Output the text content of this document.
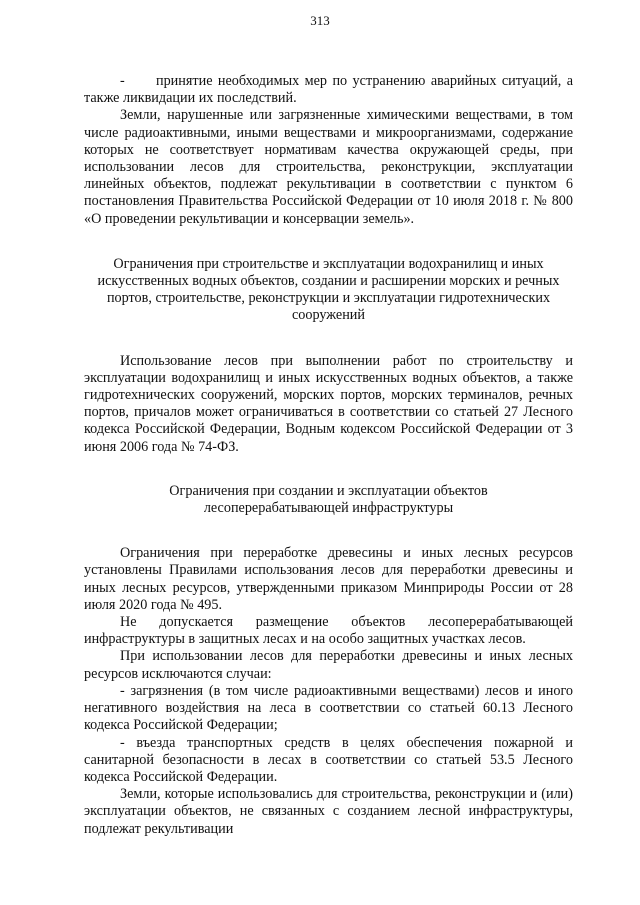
313

- принятие необходимых мер по устранению аварийных ситуаций, а также ликвидации их последствий.

Земли, нарушенные или загрязненные химическими веществами, в том числе радиоактивными, иными веществами и микроорганизмами, содержание которых не соответствует нормативам качества окружающей среды, при использовании лесов для строительства, реконструкции, эксплуатации линейных объектов, подлежат рекультивации в соответствии с пунктом 6 постановления Правительства Российской Федерации от 10 июля 2018 г. № 800 «О проведении рекультивации и консервации земель».

Ограничения при строительстве и эксплуатации водохранилищ и иных искусственных водных объектов, создании и расширении морских и речных портов, строительстве, реконструкции и эксплуатации гидротехнических сооружений

Использование лесов при выполнении работ по строительству и эксплуатации водохранилищ и иных искусственных водных объектов, а также гидротехнических сооружений, морских портов, морских терминалов, речных портов, причалов может ограничиваться в соответствии со статьей 27 Лесного кодекса Российской Федерации, Водным кодексом Российской Федерации от 3 июня 2006 года № 74-ФЗ.

Ограничения при создании и эксплуатации объектов лесоперерабатывающей инфраструктуры

Ограничения при переработке древесины и иных лесных ресурсов установлены Правилами использования лесов для переработки древесины и иных лесных ресурсов, утвержденными приказом Минприроды России от 28 июля 2020 года № 495.

Не допускается размещение объектов лесоперерабатывающей инфраструктуры в защитных лесах и на особо защитных участках лесов.

При использовании лесов для переработки древесины и иных лесных ресурсов исключаются случаи:

- загрязнения (в том числе радиоактивными веществами) лесов и иного негативного воздействия на леса в соответствии со статьей 60.13 Лесного кодекса Российской Федерации;

- въезда транспортных средств в целях обеспечения пожарной и санитарной безопасности в лесах в соответствии со статьей 53.5 Лесного кодекса Российской Федерации.

Земли, которые использовались для строительства, реконструкции и (или) эксплуатации объектов, не связанных с созданием лесной инфраструктуры, подлежат рекультивации
